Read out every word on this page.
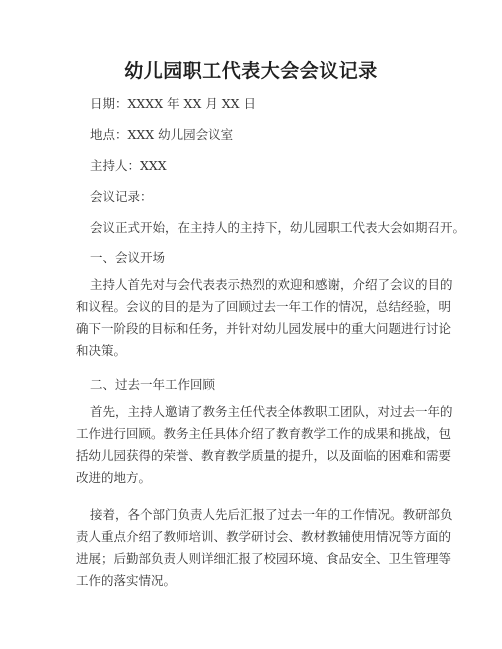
幼儿园职工代表大会会议记录
日期：XXXX 年 XX 月 XX 日
地点：XXX 幼儿园会议室
主持人：XXX
会议记录：
会议正式开始，在主持人的主持下，幼儿园职工代表大会如期召开。
一、会议开场
主持人首先对与会代表表示热烈的欢迎和感谢，介绍了会议的目的
和议程。会议的目的是为了回顾过去一年工作的情况，总结经验，明
确下一阶段的目标和任务，并针对幼儿园发展中的重大问题进行讨论
和决策。
二、过去一年工作回顾
首先，主持人邀请了教务主任代表全体教职工团队，对过去一年的
工作进行回顾。教务主任具体介绍了教育教学工作的成果和挑战，包
括幼儿园获得的荣誉、教育教学质量的提升，以及面临的困难和需要
改进的地方。
接着，各个部门负责人先后汇报了过去一年的工作情况。教研部负
责人重点介绍了教师培训、教学研讨会、教材教辅使用情况等方面的
进展；后勤部负责人则详细汇报了校园环境、食品安全、卫生管理等
工作的落实情况。
